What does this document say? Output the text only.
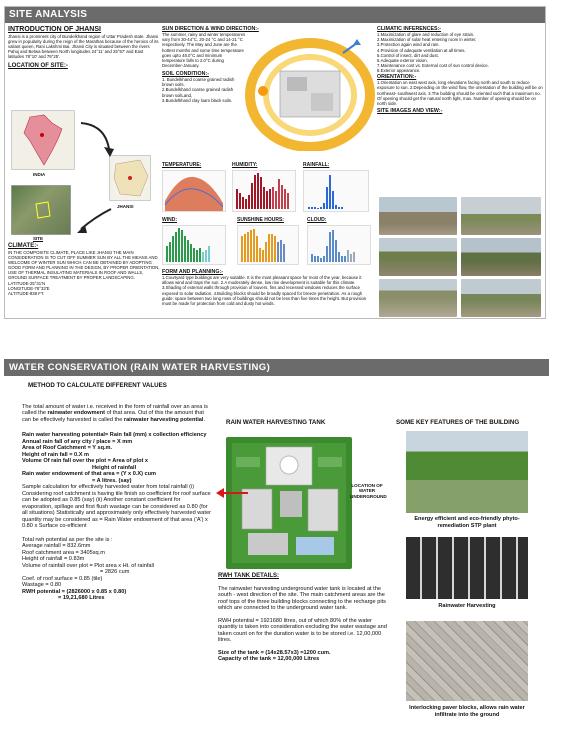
SITE ANALYSIS
INTRODUCTION OF JHANSI
Jhansi is a prominent city of Bundelkhand region of Uttar Pradesh state. Jhansi grew in popularity during the reign of the Marathas because of the heroics of its valiant queen, Rani Lakshmi Bai. Jhansi City is situated between the rivers Pahuj and Betwa between North longitudes 24°11' and 25°57' and East latitudes 78°10' and 79°25'.
LOCATION OF SITE:-
INDIA
JHANSI
SITE
CLIMATE:-
IN THE COMPOSITE CLIMATE, PLACE LIKE JHANSI THE MAIN CONSIDERATION IS TO CUT OFF SUMMER SUN BY ALL THE MEANS AND WELCOME OF WINTER SUN WHICH CAN BE OBTAINED BY ADOPTING GOOD FORM AND PLANNING IN THE DESIGN, BY PROPER ORIENTATION, USE OF THERMAL INSULATING MATERIALS IN ROOF AND WALLS, GROUND SURFACE TREATMENT BY PROPER LANDSCAPING.
LATITUDE-25°31'N
LONGITUDE-78°33'E
ALTITUDE-838 FT.
SUN DIRECTION & WIND DIRECTION:-
The summer, rainy and winter temperatures vary from 30-44°C, 20-24 °C and 14-21 °C respectively. The May and June are the hottest months and some time temperature goes upto 48.0°C and minimum temperature falls to 2.0°C during December-January.
SOIL CONDITION:-
1. Bundelkhand coarse grained radish brown soils.
2.Bundelkhand coarse grained radish brown soilLand,
3.Bundelkhand clay loam black soils.
TEMPERATURE:	HUMIDITY:	RAINFALL:
WIND:	SUNSHINE HOURS:	CLOUD:
FORM AND PLANNING:-
1.Courtyard type buildings are very suitable. It is the most pleasant space for most of the year, because it allows wind and traps the sun. 2.A moderately dense, low rise development is suitable for this climate. 3.Shading of external walls through provision of louvers, fins and recessed windows reduces the surface exposed to solar radiation. 4.Building blocks should be broadly spaced for breeze penetration. As a rough guide: space between two long rows of buildings should not be less than five times the height. But provision must be made for protection from cold and dusty hot winds.
CLIMATIC INFERENCES:-
1.Maximization of glare and reduction of eye strain.
2.Maximization of solar heat entering room in winter.
3.Protection again wind and rain.
4.Provision of adequate ventilation at all times.
5.Control of insect, dirt and dust.
6.Adequate exterior vision.
7.Maintenance cost vs. External cost of sun control device.
8.Exterior appearance.
ORIENTATION:-
1.Orientation on east west axis, long elevations facing north and south to reduce exposure to sun. 2.Depending on the wind flow, the orientation of the building will be on northeast- southwest axis. 3.The building should be oriented such that a maximum no. Of opening should get the natural north light, max. Number of opening should be on north side.
SITE IMAGES AND VIEW:-
WATER CONSERVATION (RAIN WATER HARVESTING)
METHOD TO CALCULATE DIFFERENT VALUES
The total amount of water i.e. received in the form of rainfall over an area is called the rainwater endowment of that area. Out of this the amount that can be effectively harvested is called the rainwater harvesting potential.
Rain water harvesting potential= Rain fall (mm) x collection efficiency
Annual rain fall of any city / place = X mm
Area of Roof Catchment = Y sq.m.
Height of rain fall = 0.X m
Volume Of rain fall over the plot = Area of plot x
Height of rainfall
Rain water endowment of that area = (Y x 0.X) cum
= A litres. (say)
Sample calculation for effectively harvested water from total rainfall (i) Considering roof catchment is having tile finish so coefficient for roof surface can be adopted as 0.85 (say) (ii) Another constant coefficient for evaporation, spillage and first flush wastage can be considered as 0.80 (for all situations) Statistically and approximately only effectively harvested water quantity may be considered as = Rain Water endowment of that area ('A') x 0.80 x Surface co-efficient
Total rwh potential as per the site is :
Average rainfall = 832.6mm
Roof catchment area = 3405sq.m
Height of rainfall = 0.83m
Volume of rainfall over plot = Plot area x Ht. of rainfall
= 2826 cum
Coef. of roof surface = 0.85 (tile)
Wastage = 0.80
RWH potential = (2826000 x 0.85 x 0.80)
= 19,21,680 Litres
RAIN WATER HARVESTING TANK
LOCATION OF WATER UNDERGROUND
RWH TANK DETAILS:
The rainwater harvesting underground water tank is located at the south - west direction of the site. The main catchment areas are the roof tops of the three building blocks connecting to the recharge pits which are connected to the underground water tank.
RWH potential = 1921680 litres, out of which 80% of the water quantity is taken into consideration excluding the water wastage and taken count on for the duration water is to be stored i.e. 12,00,000 litres.
Size of the tank = (14x28.57x3) =1200 cum.
Capacity of the tank = 12,00,000 Litres
SOME KEY FEATURES OF THE BUILDING
Energy efficient and eco-friendly phyto-remediation STP plant
Rainwater Harvesting
Interlocking paver blocks, allows rain water infiltrate into the ground
